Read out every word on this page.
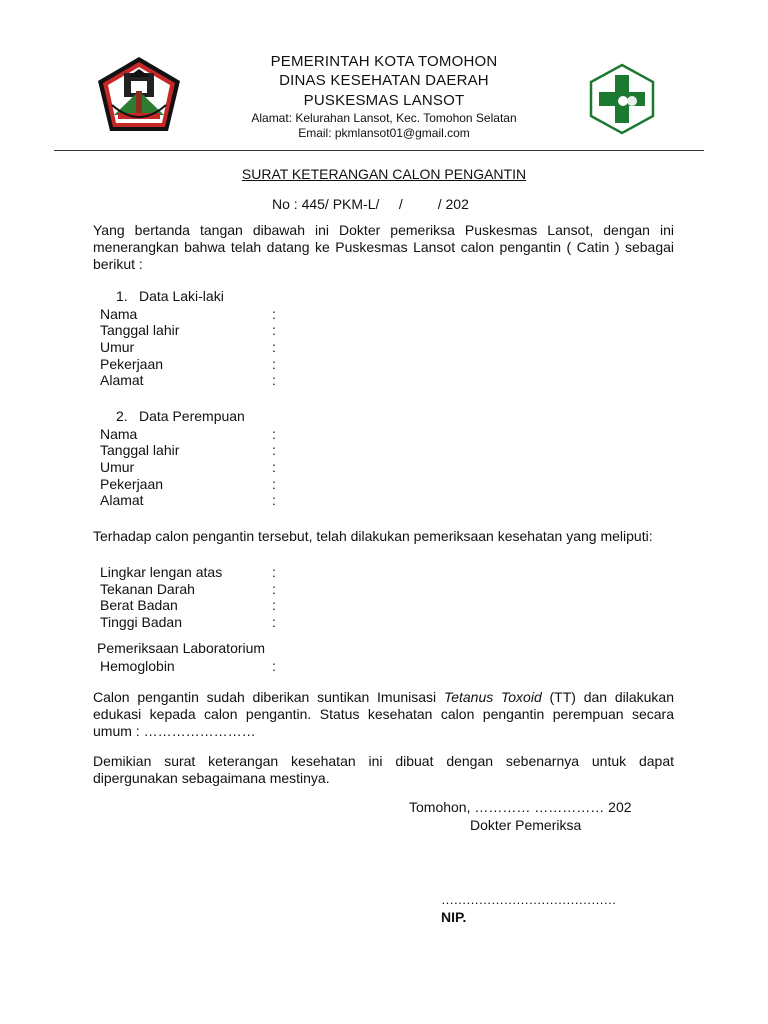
PEMERINTAH KOTA TOMOHON
DINAS KESEHATAN DAERAH
PUSKESMAS LANSOT
Alamat: Kelurahan Lansot, Kec. Tomohon Selatan
Email: pkmlansot01@gmail.com
SURAT KETERANGAN CALON PENGANTIN
No : 445/ PKM-L/     /         / 202
Yang bertanda tangan dibawah ini Dokter pemeriksa Puskesmas Lansot, dengan ini menerangkan bahwa telah datang ke Puskesmas Lansot calon pengantin ( Catin ) sebagai berikut :
1. Data Laki-laki
Nama	:
Tanggal lahir	:
Umur	:
Pekerjaan	:
Alamat	:
2. Data Perempuan
Nama	:
Tanggal lahir	:
Umur	:
Pekerjaan	:
Alamat	:
Terhadap calon pengantin tersebut, telah dilakukan pemeriksaan kesehatan yang meliputi:
Lingkar lengan atas	:
Tekanan Darah	:
Berat Badan	:
Tinggi Badan	:
Pemeriksaan Laboratorium
Hemoglobin	:
Calon pengantin sudah diberikan suntikan Imunisasi Tetanus Toxoid (TT) dan dilakukan edukasi kepada calon pengantin. Status kesehatan calon pengantin perempuan secara umum : ……………………
Demikian surat keterangan kesehatan ini dibuat dengan sebenarnya untuk dapat dipergunakan sebagaimana mestinya.
Tomohon, ………… …………… 202
Dokter Pemeriksa
……………………………………
NIP.
